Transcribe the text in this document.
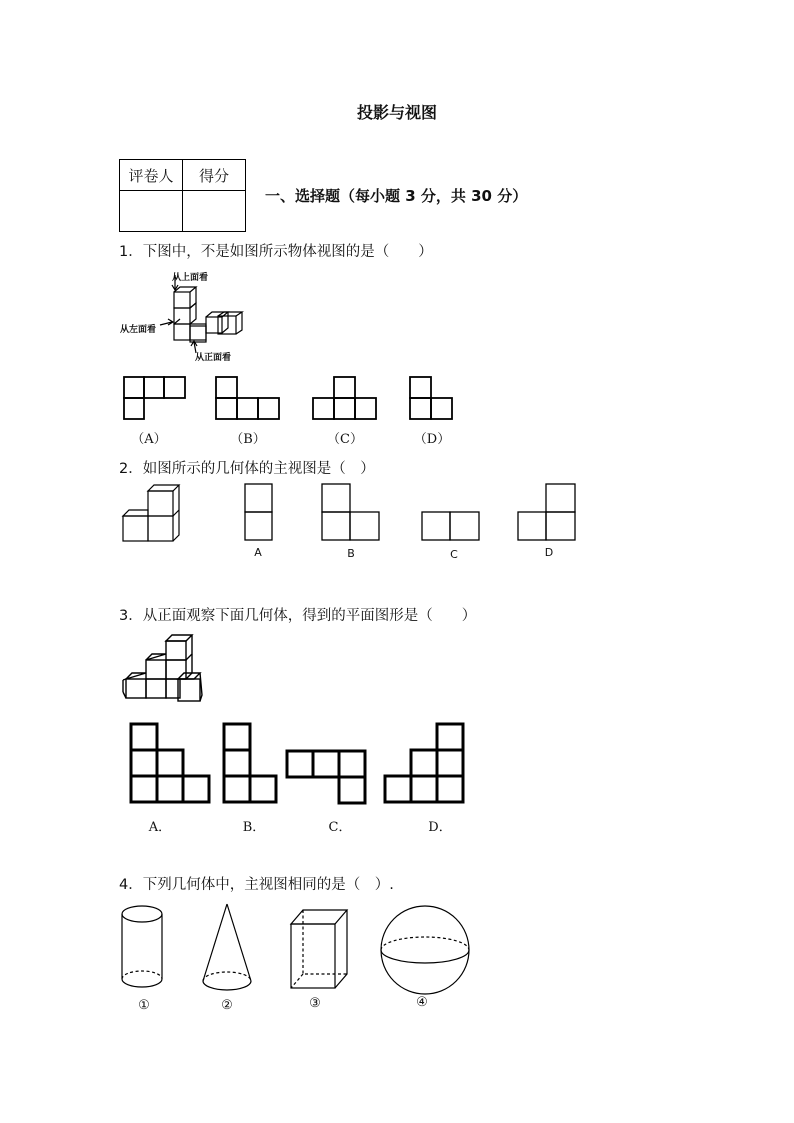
投影与视图
评卷人	得分

一、选择题（每小题 3 分，共 30 分）
1．下图中，不是如图所示物体视图的是（　　）
从上面看
从左面看
从正面看
（A）	（B）	（C）	（D）
2．如图所示的几何体的主视图是（　）
A	B	C	D
3．从正面观察下面几何体，得到的平面图形是（　　）
A．	B．	C．	D．
4．下列几何体中，主视图相同的是（　）.
①	②	③	④
